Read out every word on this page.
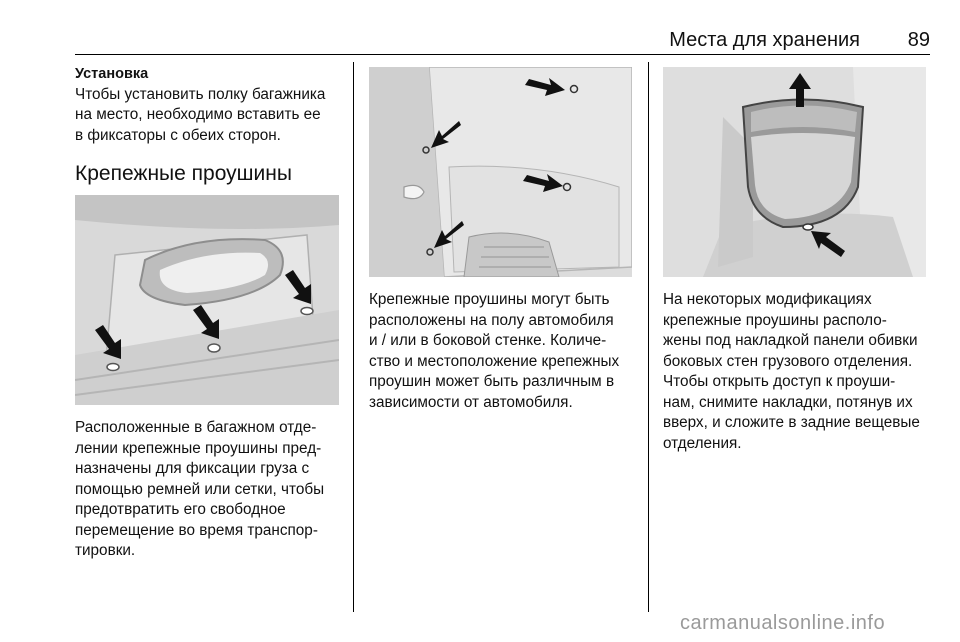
Места для хранения	89

Установка

Чтобы установить полку багажника

на место, необходимо вставить ее

в фиксаторы с обеих сторон.

Крепежные проушины

Расположенные в багажном отде-

лении крепежные проушины пред-

назначены для фиксации груза с

помощью ремней или сетки, чтобы

предотвратить его свободное

перемещение во время транспор-

тировки.

Крепежные проушины могут быть

расположены на полу автомобиля

и / или в боковой стенке. Количе-

ство и местоположение крепежных

проушин может быть различным в

зависимости от автомобиля.

На некоторых модификациях

крепежные проушины располо-

жены под накладкой панели обивки

боковых стен грузового отделения.

Чтобы открыть доступ к проуши-

нам, снимите накладки, потянув их

вверх, и сложите в задние вещевые

отделения.

carmanualsonline.info
